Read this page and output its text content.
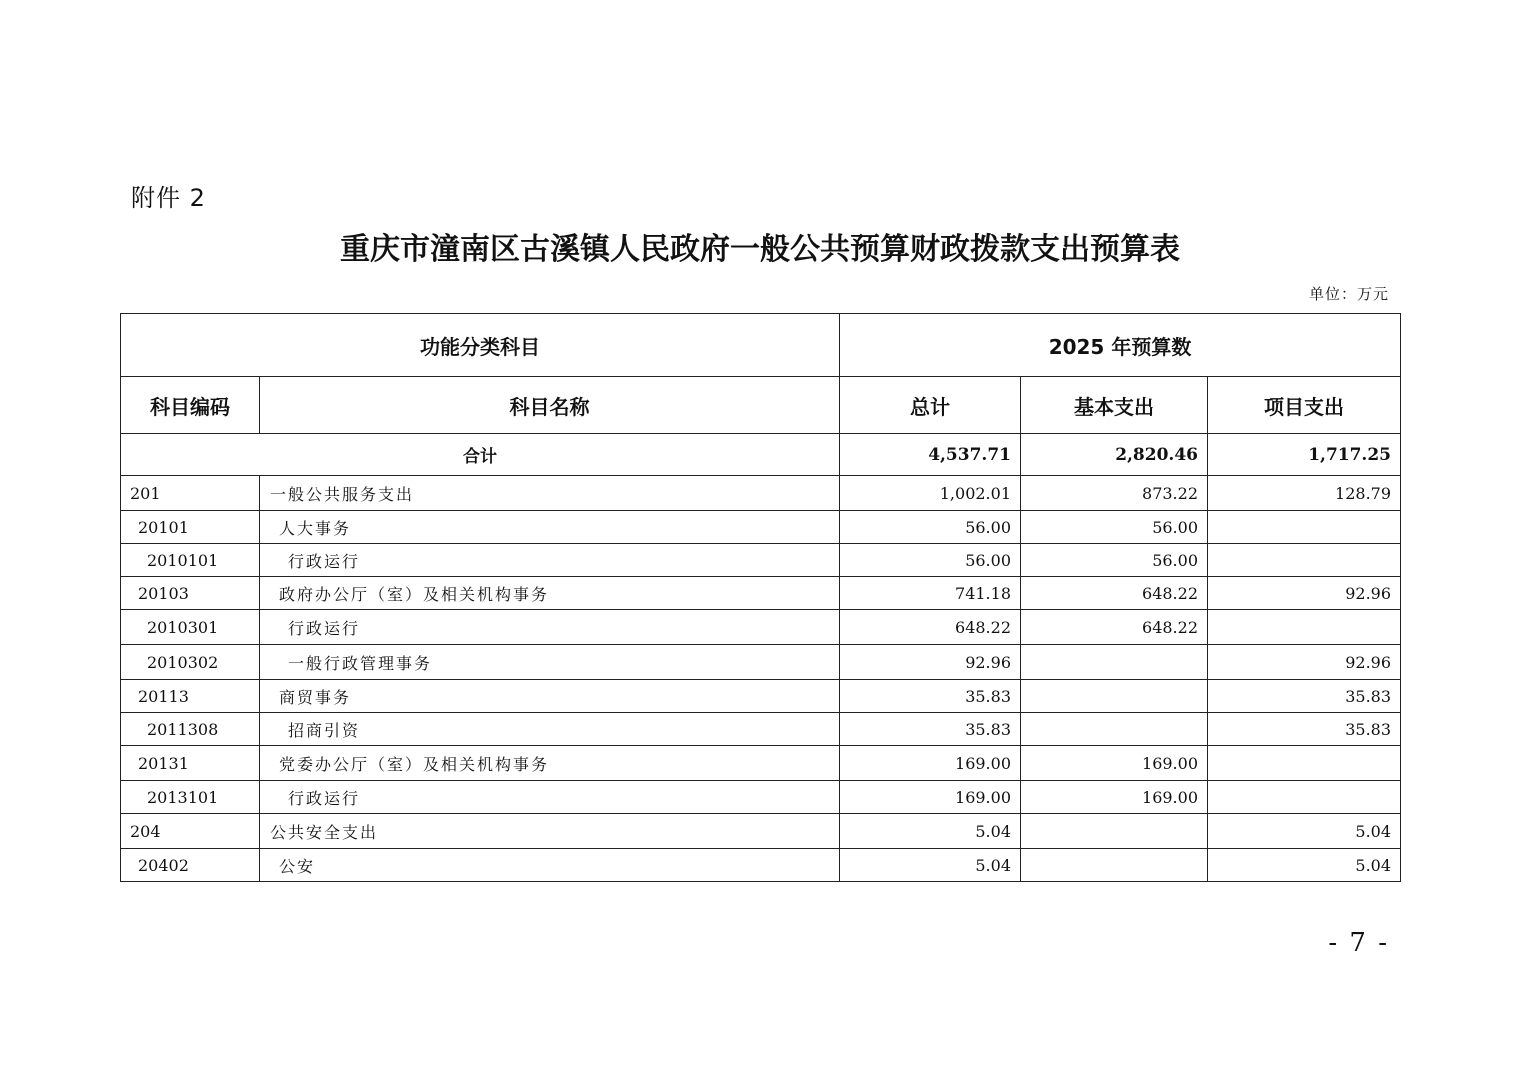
附件 2
重庆市潼南区古溪镇人民政府一般公共预算财政拨款支出预算表
单位：万元
功能分类科目		2025 年预算数		
科目编码	科目名称	总计	基本支出	项目支出
合计		4,537.71	2,820.46	1,717.25
201	一般公共服务支出	1,002.01	873.22	128.79
20101	人大事务	56.00	56.00	
2010101	行政运行	56.00	56.00	
20103	政府办公厅（室）及相关机构事务	741.18	648.22	92.96
2010301	行政运行	648.22	648.22	
2010302	一般行政管理事务	92.96		92.96
20113	商贸事务	35.83		35.83
2011308	招商引资	35.83		35.83
20131	党委办公厅（室）及相关机构事务	169.00	169.00	
2013101	行政运行	169.00	169.00	
204	公共安全支出	5.04		5.04
20402	公安	5.04		5.04
- 7 -
